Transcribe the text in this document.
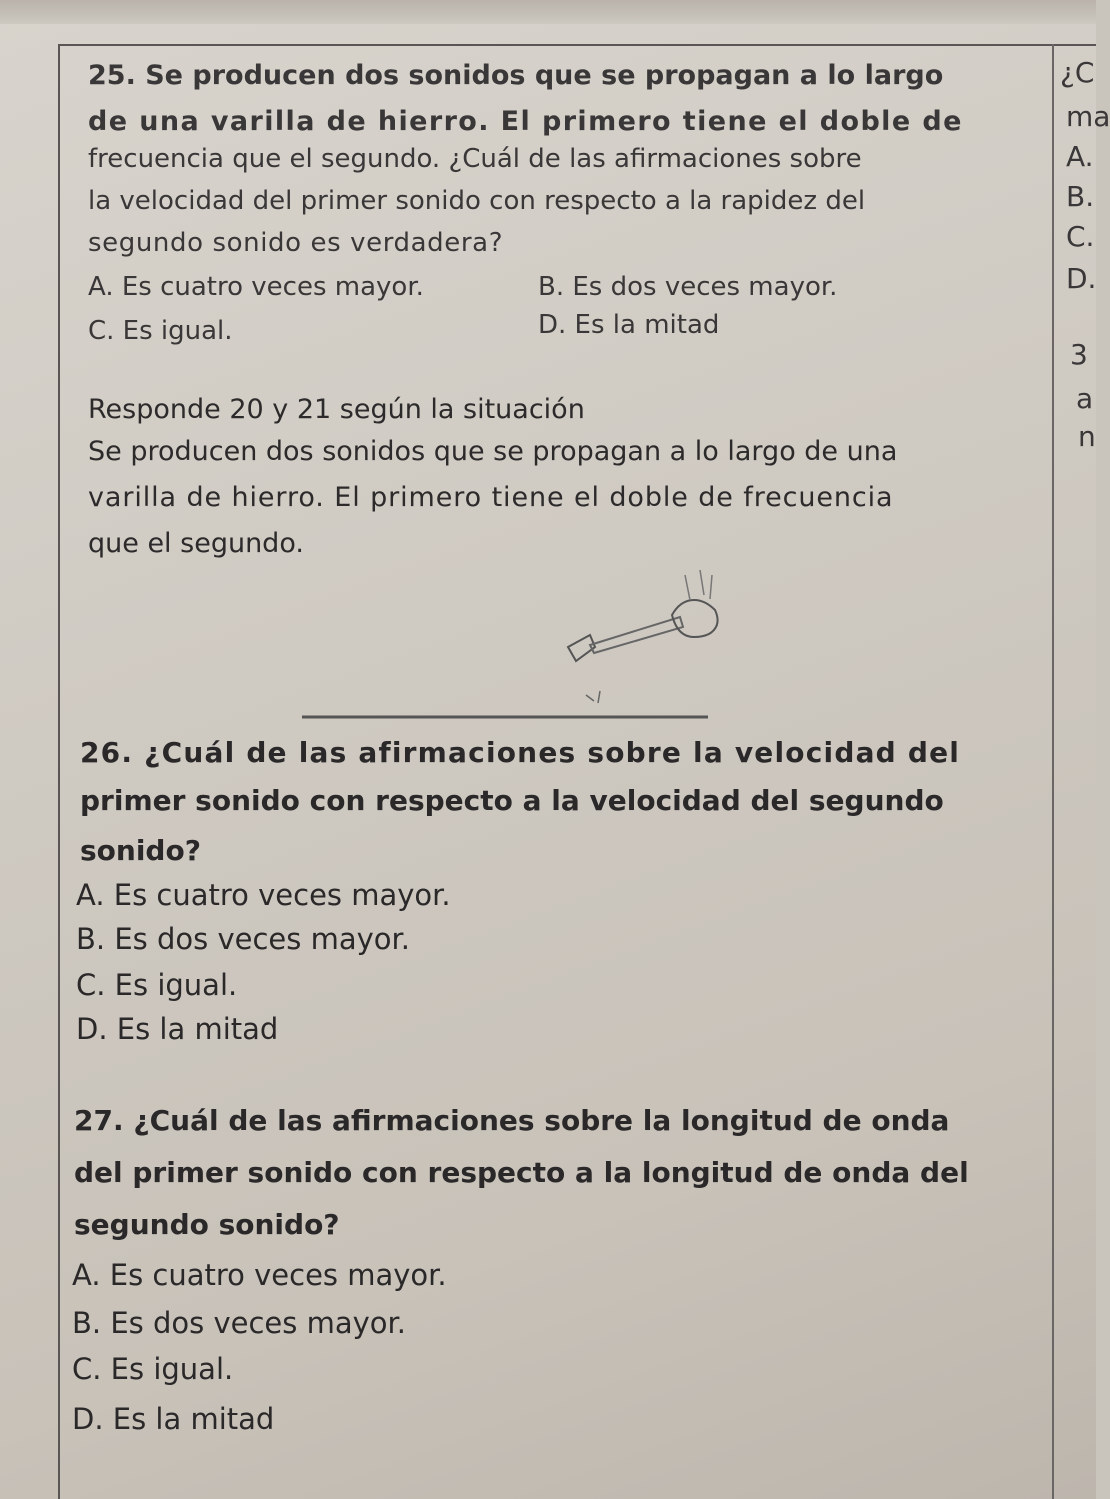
25. Se producen dos sonidos que se propagan a lo largo
de una varilla de hierro. El primero tiene el doble de
frecuencia que el segundo. ¿Cuál de las afirmaciones sobre
la velocidad del primer sonido con respecto a la rapidez del
segundo sonido es verdadera?
A. Es cuatro veces mayor.	B. Es dos veces mayor.
C. Es igual.	D. Es la mitad
¿C
ma
A.
B.
C.
D.
3
a
n
Responde 20 y 21 según la situación
Se producen dos sonidos que se propagan a lo largo de una
varilla de hierro. El primero tiene el doble de frecuencia
que el segundo.
26. ¿Cuál de las afirmaciones sobre la velocidad del
primer sonido con respecto a la velocidad del segundo
sonido?
A. Es cuatro veces mayor.
B. Es dos veces mayor.
C. Es igual.
D. Es la mitad
27. ¿Cuál de las afirmaciones sobre la longitud de onda
del primer sonido con respecto a la longitud de onda del
segundo sonido?
A. Es cuatro veces mayor.
B. Es dos veces mayor.
C. Es igual.
D. Es la mitad
